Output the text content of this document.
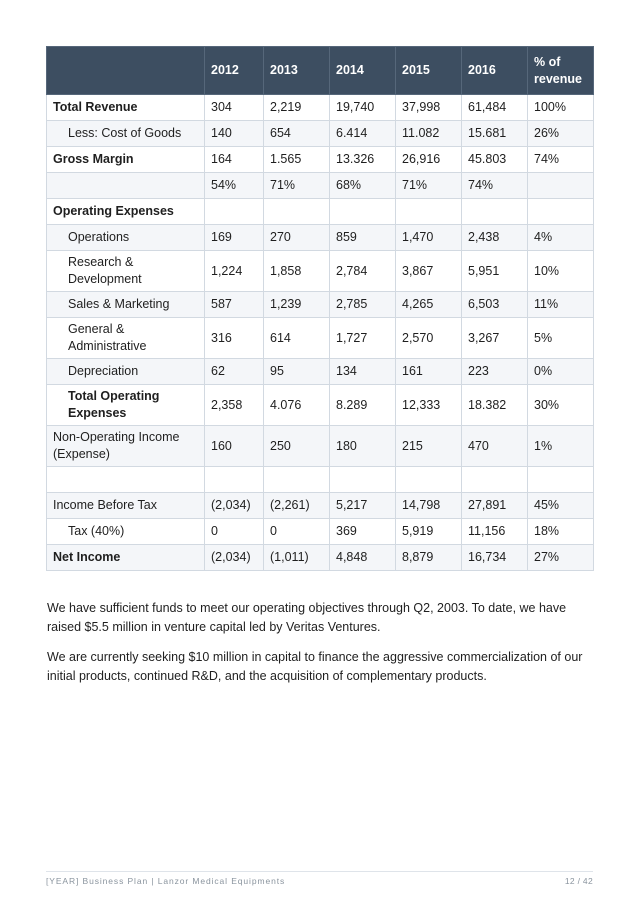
	2012	2013	2014	2015	2016	% of revenue
Total Revenue	304	2,219	19,740	37,998	61,484	100%
Less: Cost of Goods	140	654	6.414	11.082	15.681	26%
Gross Margin	164	1.565	13.326	26,916	45.803	74%
	54%	71%	68%	71%	74%	
Operating Expenses						
Operations	169	270	859	1,470	2,438	4%
Research & Development	1,224	1,858	2,784	3,867	5,951	10%
Sales & Marketing	587	1,239	2,785	4,265	6,503	11%
General & Administrative	316	614	1,727	2,570	3,267	5%
Depreciation	62	95	134	161	223	0%
Total Operating Expenses	2,358	4.076	8.289	12,333	18.382	30%
Non-Operating Income (Expense)	160	250	180	215	470	1%

Income Before Tax	(2,034)	(2,261)	5,217	14,798	27,891	45%
Tax (40%)	0	0	369	5,919	11,156	18%
Net Income	(2,034)	(1,011)	4,848	8,879	16,734	27%

We have sufficient funds to meet our operating objectives through Q2, 2003. To date, we have raised $5.5 million in venture capital led by Veritas Ventures.

We are currently seeking $10 million in capital to finance the aggressive commercialization of our initial products, continued R&D, and the acquisition of complementary products.

[YEAR] Business Plan | Lanzor Medical Equipments	12 / 42
